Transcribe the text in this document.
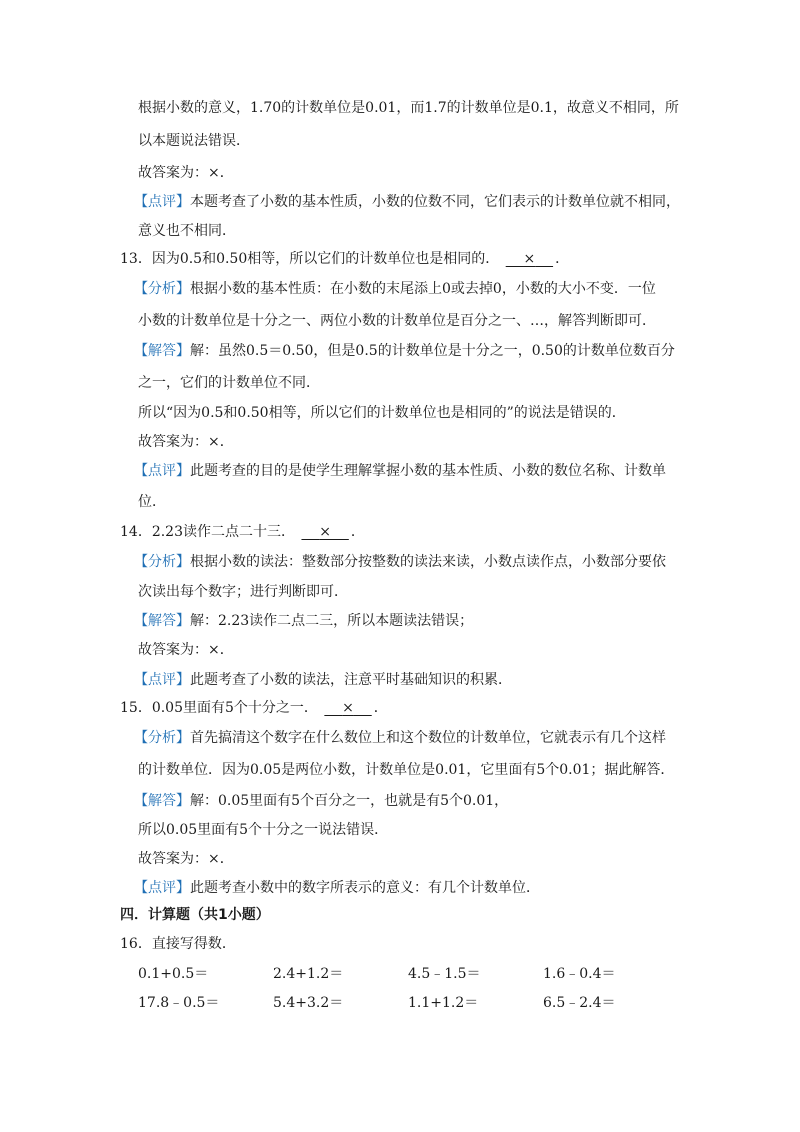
根据小数的意义，1.70的计数单位是0.01，而1.7的计数单位是0.1，故意义不相同，所
以本题说法错误．
故答案为：×．
【点评】本题考查了小数的基本性质，小数的位数不同，它们表示的计数单位就不相同，
意义也不相同．
13．因为0.5和0.50相等，所以它们的计数单位也是相同的． × ．
【分析】根据小数的基本性质：在小数的末尾添上0或去掉0，小数的大小不变．一位
小数的计数单位是十分之一、两位小数的计数单位是百分之一、…，解答判断即可．
【解答】解：虽然0.5＝0.50，但是0.5的计数单位是十分之一，0.50的计数单位数百分
之一，它们的计数单位不同．
所以“因为0.5和0.50相等，所以它们的计数单位也是相同的”的说法是错误的．
故答案为：×．
【点评】此题考查的目的是使学生理解掌握小数的基本性质、小数的数位名称、计数单
位．
14．2.23读作二点二十三． × ．
【分析】根据小数的读法：整数部分按整数的读法来读，小数点读作点，小数部分要依
次读出每个数字；进行判断即可．
【解答】解：2.23读作二点二三，所以本题读法错误；
故答案为：×．
【点评】此题考查了小数的读法，注意平时基础知识的积累．
15．0.05里面有5个十分之一． × ．
【分析】首先搞清这个数字在什么数位上和这个数位的计数单位，它就表示有几个这样
的计数单位．因为0.05是两位小数，计数单位是0.01，它里面有5个0.01；据此解答．
【解答】解：0.05里面有5个百分之一，也就是有5个0.01，
所以0.05里面有5个十分之一说法错误．
故答案为：×．
【点评】此题考查小数中的数字所表示的意义：有几个计数单位．
四．计算题（共1小题）
16．直接写得数．
0.1+0.5＝	2.4+1.2＝	4.5﹣1.5＝	1.6﹣0.4＝
17.8﹣0.5＝	5.4+3.2＝	1.1+1.2＝	6.5﹣2.4＝
